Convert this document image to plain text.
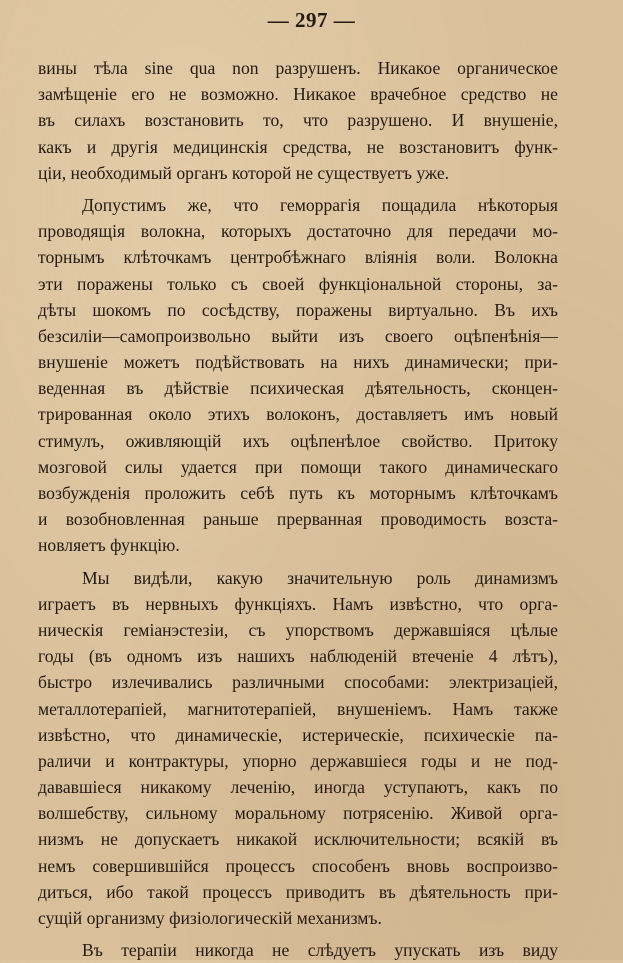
— 297 —
вины тѣла sine qua non разрушенъ. Никакое органическое
замѣщеніе его не возможно. Никакое врачебное средство не
въ силахъ возстановить то, что разрушено. И внушеніе,
какъ и другія медицинскія средства, не возстановитъ функ-
ціи, необходимый органъ которой не существуетъ уже.
Допустимъ же, что геморрагія пощадила нѣкоторыя
проводящія волокна, которыхъ достаточно для передачи мо-
торнымъ клѣточкамъ центробѣжнаго вліянія воли. Волокна
эти поражены только съ своей функціональной стороны, за-
дѣты шокомъ по сосѣдству, поражены виртуально. Въ ихъ
безсиліи—самопроизвольно выйти изъ своего оцѣпенѣнія—
внушеніе можетъ подѣйствовать на нихъ динамически; при-
веденная въ дѣйствіе психическая дѣятельность, сконцен-
трированная около этихъ волоконъ, доставляетъ имъ новый
стимулъ, оживляющій ихъ оцѣпенѣлое свойство. Притоку
мозговой силы удается при помощи такого динамическаго
возбужденія проложить себѣ путь къ моторнымъ клѣточкамъ
и возобновленная раньше прерванная проводимость возста-
новляетъ функцію.
Мы видѣли, какую значительную роль динамизмъ
играетъ въ нервныхъ функціяхъ. Намъ извѣстно, что орга-
ническія геміанэстезіи, съ упорствомъ державшіяся цѣлые
годы (въ одномъ изъ нашихъ наблюденій втеченіе 4 лѣтъ),
быстро излечивались различными способами: электризаціей,
металлотерапіей, магнитотерапіей, внушеніемъ. Намъ также
извѣстно, что динамическіе, истерическіе, психическіе па-
раличи и контрактуры, упорно державшіеся годы и не под-
дававшіеся никакому леченію, иногда уступаютъ, какъ по
волшебству, сильному моральному потрясенію. Живой орга-
низмъ не допускаетъ никакой исключительности; всякій въ
немъ совершившійся процессъ способенъ вновь воспроизво-
диться, ибо такой процессъ приводитъ въ дѣятельность при-
сущій организму физіологическій механизмъ.
Въ терапіи никогда не слѣдуетъ упускать изъ виду
